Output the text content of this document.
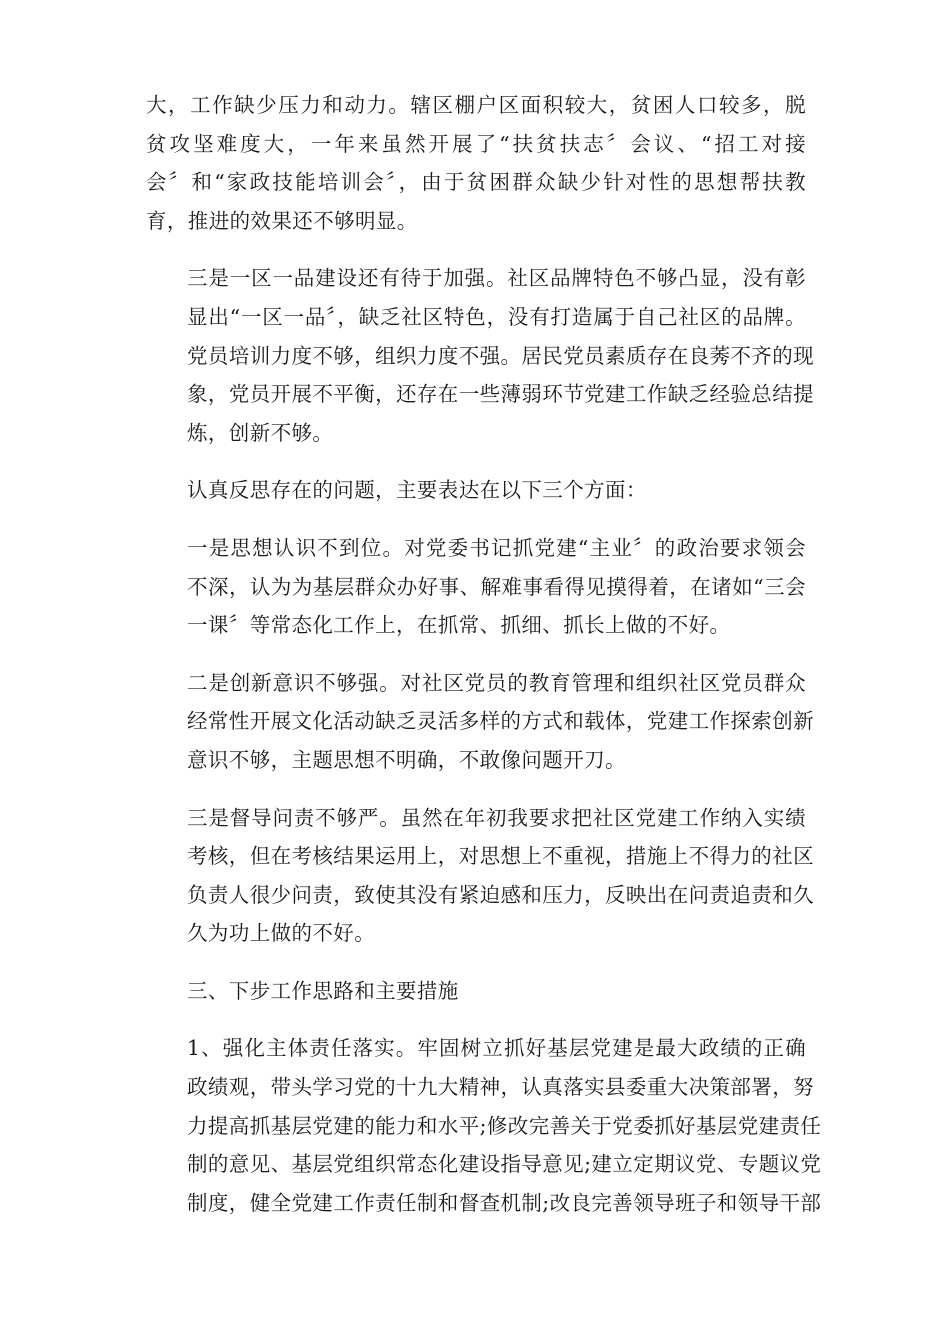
大，工作缺少压力和动力。辖区棚户区面积较大，贫困人口较多，脱
贫攻坚难度大，一年来虽然开展了“扶贫扶志〞会议、“招工对接
会〞和“家政技能培训会〞，由于贫困群众缺少针对性的思想帮扶教
育，推进的效果还不够明显。

三是一区一品建设还有待于加强。社区品牌特色不够凸显，没有彰
显出“一区一品〞，缺乏社区特色，没有打造属于自己社区的品牌。
党员培训力度不够，组织力度不强。居民党员素质存在良莠不齐的现
象，党员开展不平衡，还存在一些薄弱环节党建工作缺乏经验总结提
炼，创新不够。

认真反思存在的问题，主要表达在以下三个方面：

一是思想认识不到位。对党委书记抓党建“主业〞的政治要求领会
不深，认为为基层群众办好事、解难事看得见摸得着，在诸如“三会
一课〞等常态化工作上，在抓常、抓细、抓长上做的不好。

二是创新意识不够强。对社区党员的教育管理和组织社区党员群众
经常性开展文化活动缺乏灵活多样的方式和载体，党建工作探索创新
意识不够，主题思想不明确，不敢像问题开刀。

三是督导问责不够严。虽然在年初我要求把社区党建工作纳入实绩
考核，但在考核结果运用上，对思想上不重视，措施上不得力的社区
负责人很少问责，致使其没有紧迫感和压力，反映出在问责追责和久
久为功上做的不好。

三、下步工作思路和主要措施

1、强化主体责任落实。牢固树立抓好基层党建是最大政绩的正确
政绩观，带头学习党的十九大精神，认真落实县委重大决策部署，努
力提高抓基层党建的能力和水平;修改完善关于党委抓好基层党建责任
制的意见、基层党组织常态化建设指导意见;建立定期议党、专题议党
制度，健全党建工作责任制和督查机制;改良完善领导班子和领导干部
